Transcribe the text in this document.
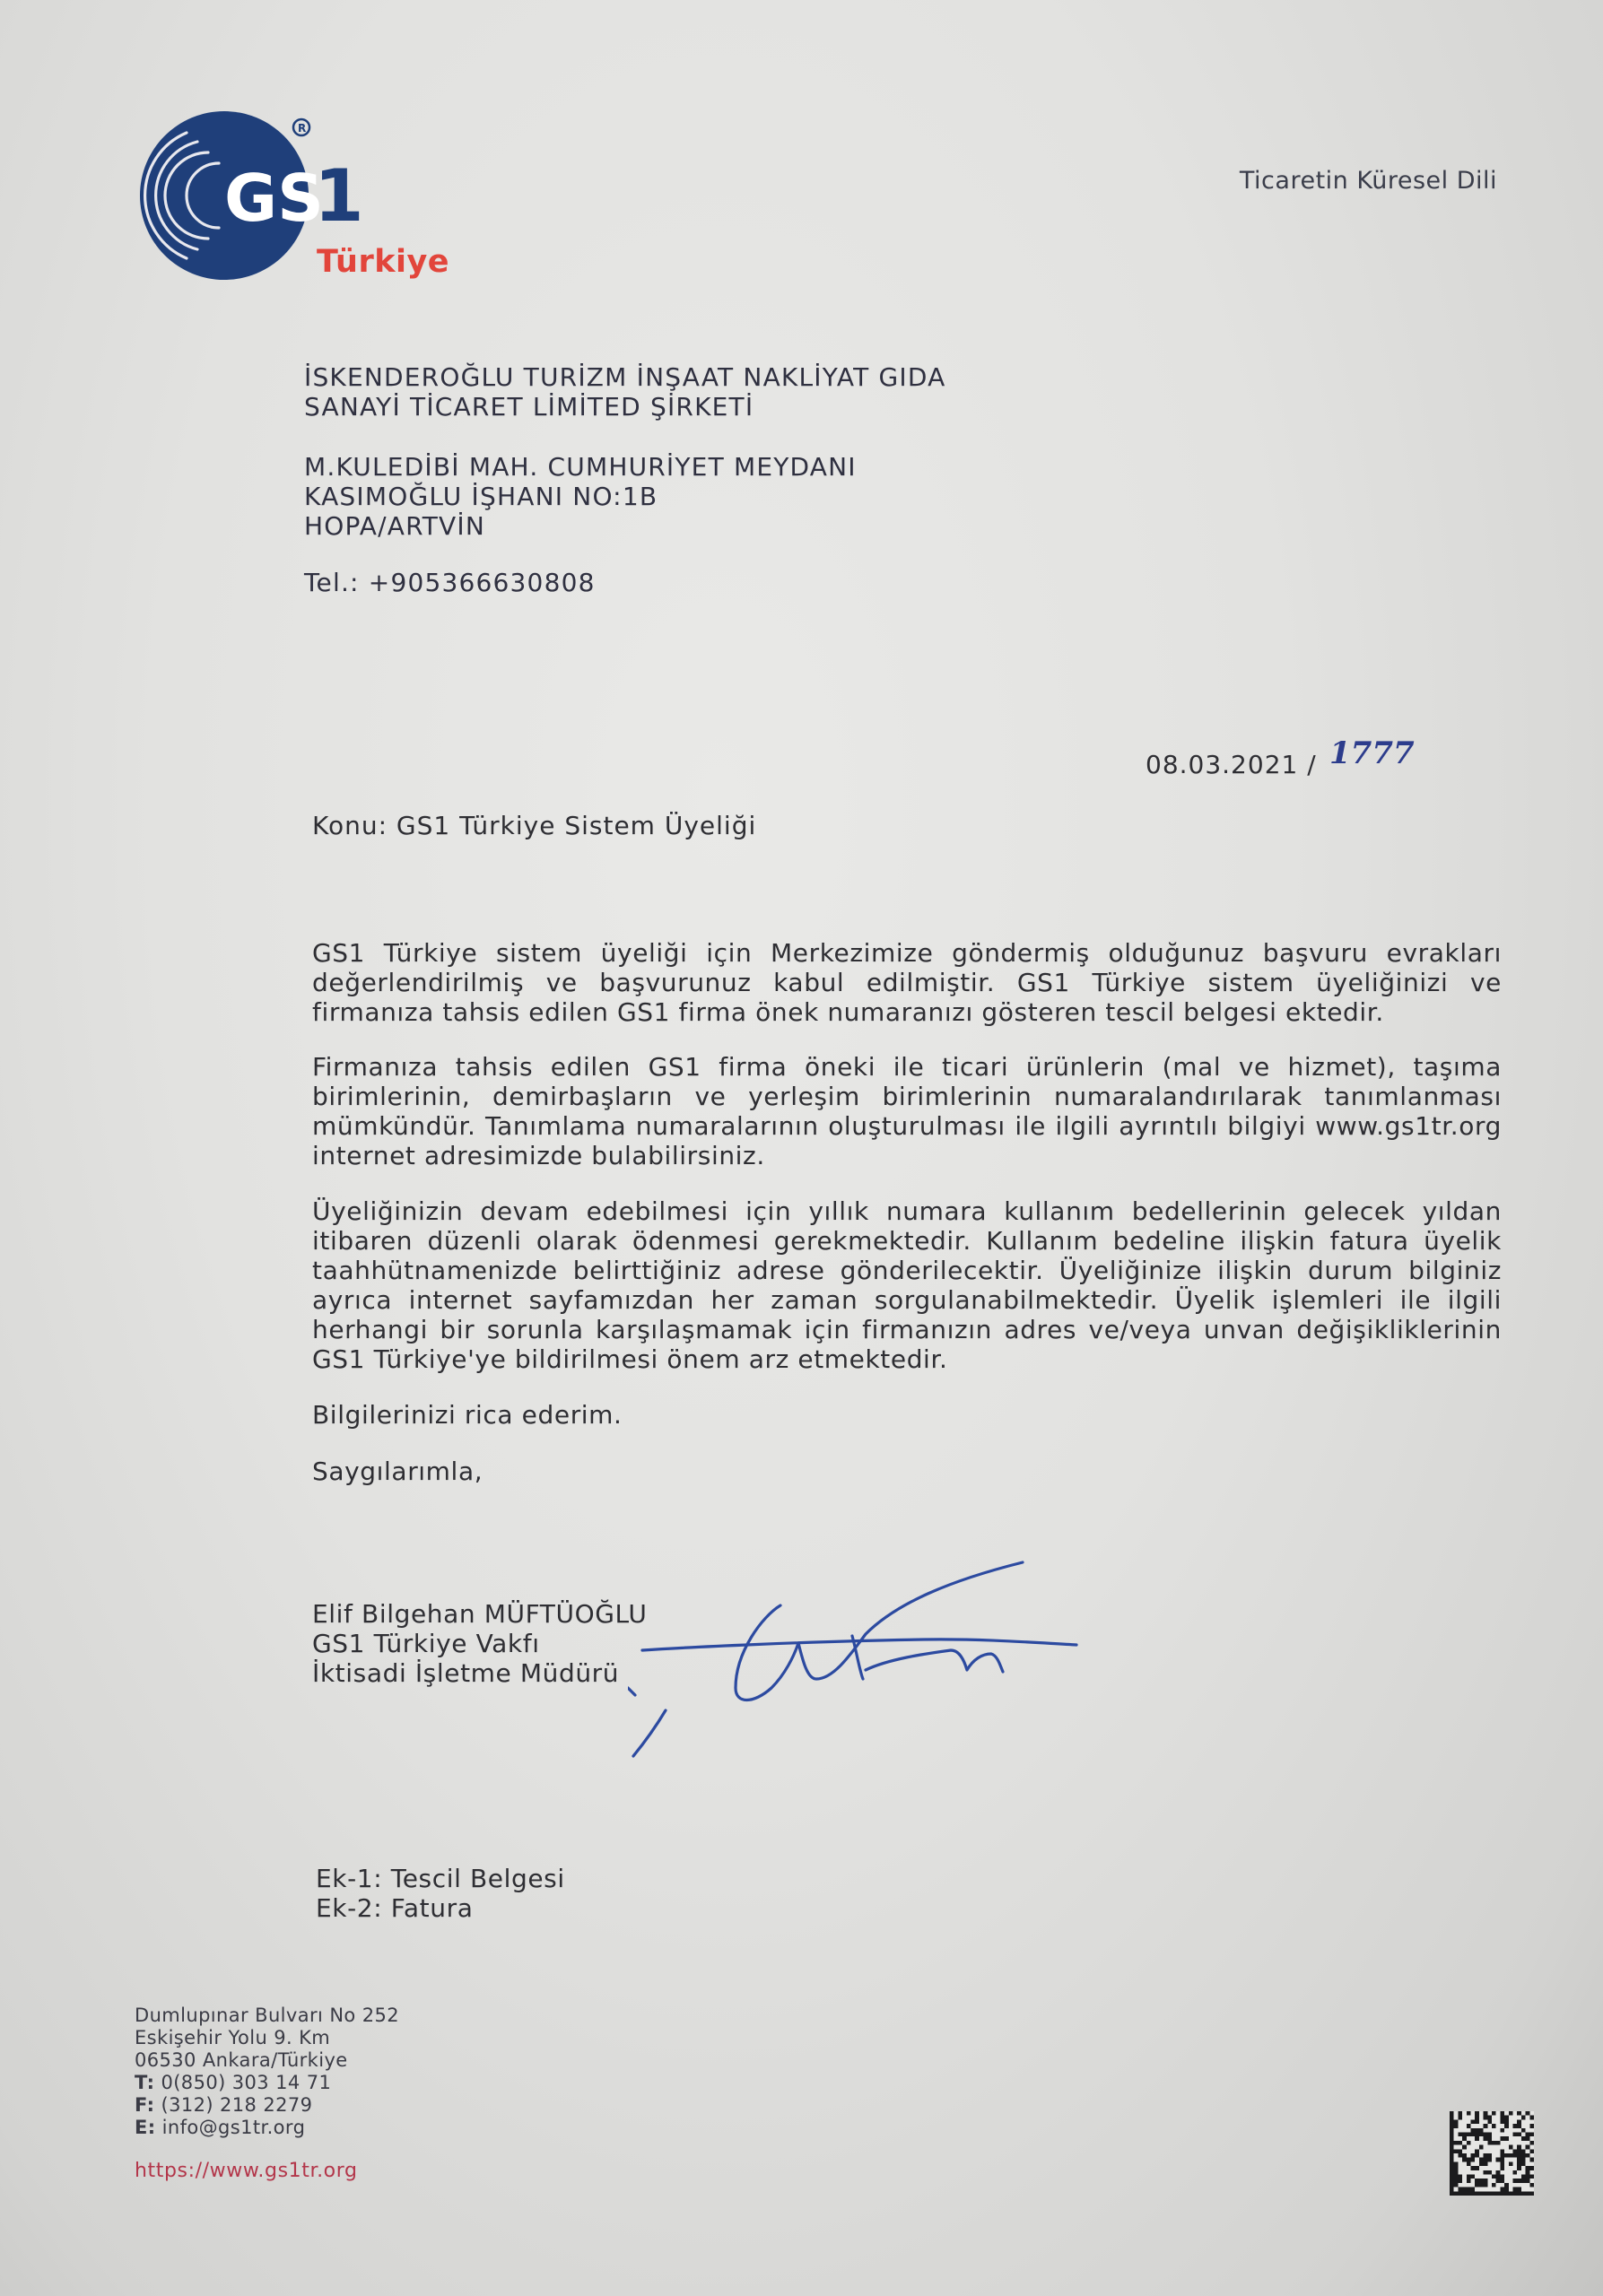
GS
1
R
Türkiye
Ticaretin Küresel Dili
İSKENDEROĞLU TURİZM İNŞAAT NAKLİYAT GIDA
SANAYİ TİCARET LİMİTED ŞİRKETİ
M.KULEDİBİ MAH. CUMHURİYET MEYDANI
KASIMOĞLU İŞHANI NO:1B
HOPA/ARTVİN
Tel.: +905366630808
08.03.2021 / 1777
Konu: GS1 Türkiye Sistem Üyeliği
GS1 Türkiye sistem üyeliği için Merkezimize göndermiş olduğunuz başvuru evrakları değerlendirilmiş ve başvurunuz kabul edilmiştir. GS1 Türkiye sistem üyeliğinizi ve firmanıza tahsis edilen GS1 firma önek numaranızı gösteren tescil belgesi ektedir.
Firmanıza tahsis edilen GS1 firma öneki ile ticari ürünlerin (mal ve hizmet), taşıma birimlerinin, demirbaşların ve yerleşim birimlerinin numaralandırılarak tanımlanması mümkündür. Tanımlama numaralarının oluşturulması ile ilgili ayrıntılı bilgiyi www.gs1tr.org internet adresimizde bulabilirsiniz.
Üyeliğinizin devam edebilmesi için yıllık numara kullanım bedellerinin gelecek yıldan itibaren düzenli olarak ödenmesi gerekmektedir. Kullanım bedeline ilişkin fatura üyelik taahhütnamenizde belirttiğiniz adrese gönderilecektir. Üyeliğinize ilişkin durum bilginiz ayrıca internet sayfamızdan her zaman sorgulanabilmektedir. Üyelik işlemleri ile ilgili herhangi bir sorunla karşılaşmamak için firmanızın adres ve/veya unvan değişikliklerinin GS1 Türkiye'ye bildirilmesi önem arz etmektedir.
Bilgilerinizi rica ederim.
Saygılarımla,
Elif Bilgehan MÜFTÜOĞLU
GS1 Türkiye Vakfı
İktisadi İşletme Müdürü
Ek-1: Tescil Belgesi
Ek-2: Fatura
Dumlupınar Bulvarı No 252
Eskişehir Yolu 9. Km
06530 Ankara/Türkiye
T: 0(850) 303 14 71
F: (312) 218 2279
E: info@gs1tr.org
https://www.gs1tr.org
